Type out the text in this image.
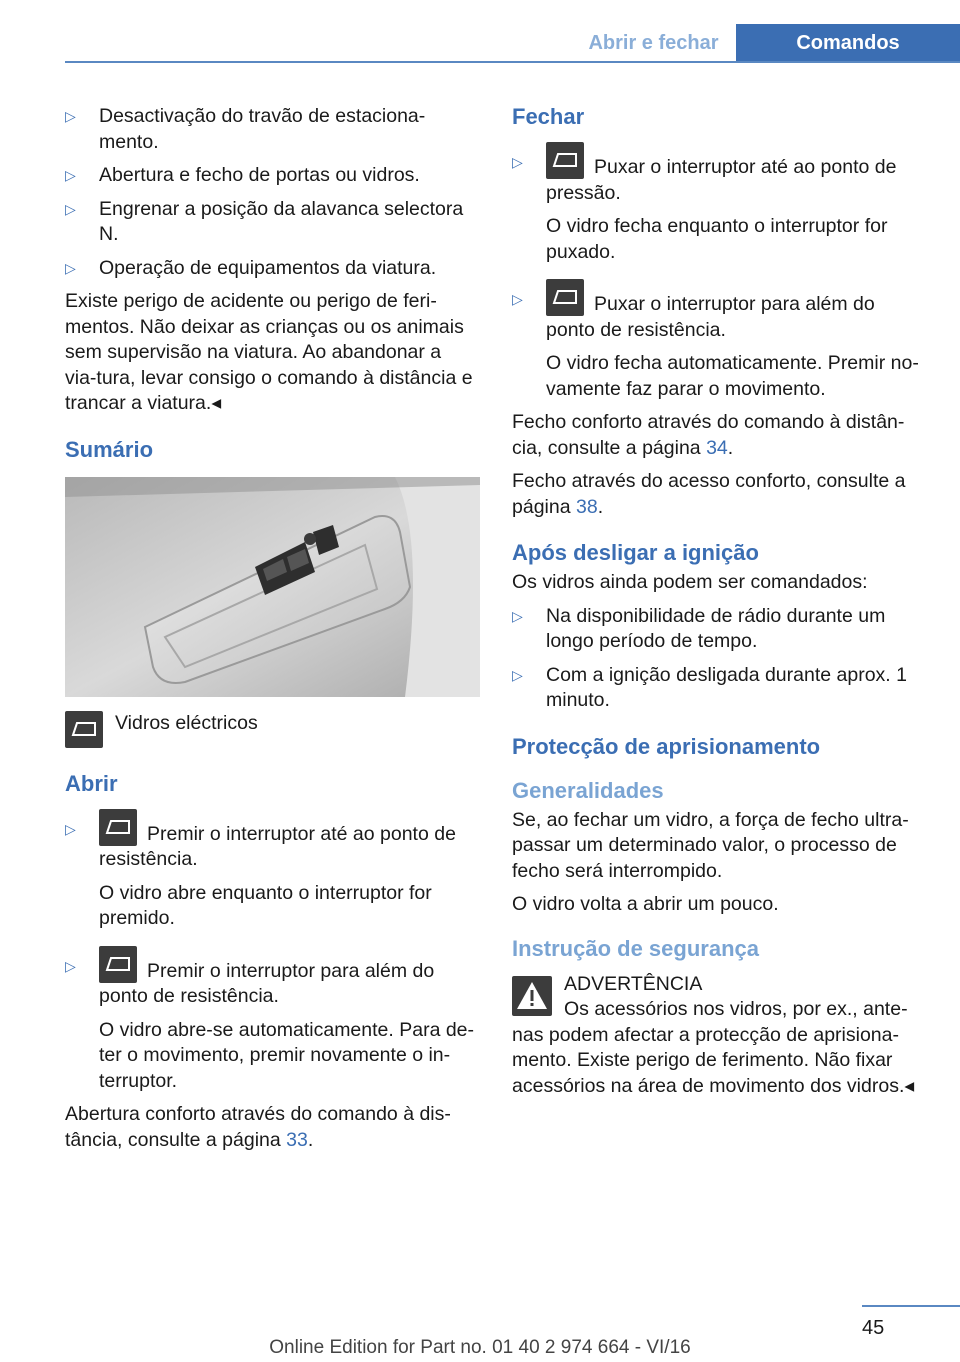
Abrir e fechar	Comandos
▷	Desactivação do travão de estaciona-mento.
▷	Abertura e fecho de portas ou vidros.
▷	Engrenar a posição da alavanca selectora N.
▷	Operação de equipamentos da viatura.

Existe perigo de acidente ou perigo de feri-mentos. Não deixar as crianças ou os animais sem supervisão na viatura. Ao abandonar a via-tura, levar consigo o comando à distância e trancar a viatura.◂

Sumário
Vidros eléctricos
Abrir
▷	Premir o interruptor até ao ponto de resistência.

O vidro abre enquanto o interruptor for premido.

▷	Premir o interruptor para além do ponto de resistência.

O vidro abre-se automaticamente. Para de-ter o movimento, premir novamente o in-terruptor.

Abertura conforto através do comando à dis-tância, consulte a página 33.

Fechar
▷	Puxar o interruptor até ao ponto de pressão.

O vidro fecha enquanto o interruptor for puxado.

▷	Puxar o interruptor para além do ponto de resistência.

O vidro fecha automaticamente. Premir no-vamente faz parar o movimento.

Fecho conforto através do comando à distân-cia, consulte a página 34.

Fecho através do acesso conforto, consulte a página 38.

Após desligar a ignição

Os vidros ainda podem ser comandados:

▷	Na disponibilidade de rádio durante um longo período de tempo.
▷	Com a ignição desligada durante aprox. 1 minuto.
Protecção de aprisionamento
Generalidades

Se, ao fechar um vidro, a força de fecho ultra-passar um determinado valor, o processo de fecho será interrompido.

O vidro volta a abrir um pouco.

Instrução de segurança
ADVERTÊNCIA

Os acessórios nos vidros, por ex., ante-nas podem afectar a protecção de aprisiona-mento. Existe perigo de ferimento. Não fixar acessórios na área de movimento dos vidros.◂

45
Online Edition for Part no. 01 40 2 974 664 - VI/16
